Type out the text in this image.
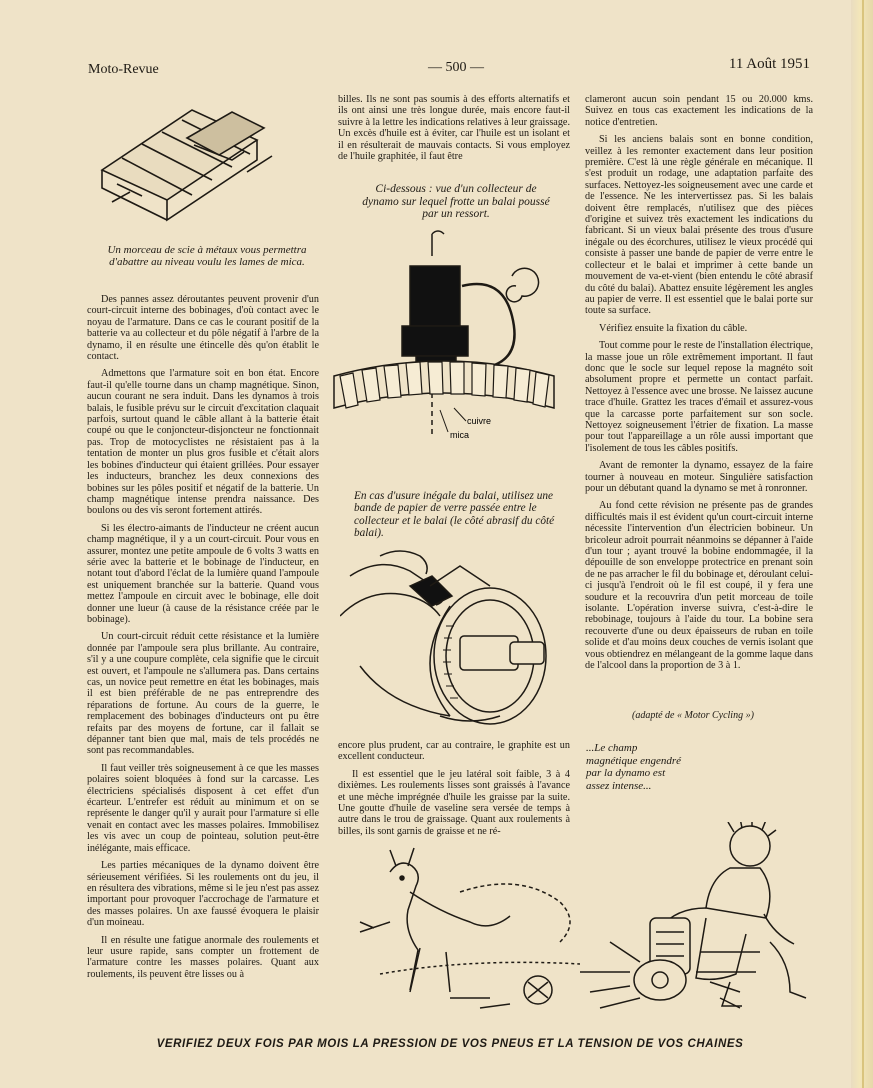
Moto-Revue	— 500 —	11 Août 1951
Un morceau de scie à métaux vous permettra d'abattre au niveau voulu les lames de mica.

Des pannes assez déroutantes peuvent provenir d'un court-circuit interne des bobinages, d'où contact avec le noyau de l'armature. Dans ce cas le courant positif de la batterie va au collecteur et du pôle négatif à l'arbre de la dynamo, il en résulte une étincelle dès qu'on établit le contact.

Admettons que l'armature soit en bon état. Encore faut-il qu'elle tourne dans un champ magnétique. Sinon, aucun courant ne sera induit. Dans les dynamos à trois balais, le fusible prévu sur le circuit d'excitation claquait parfois, surtout quand le câble allant à la batterie était coupé ou que le conjoncteur-disjoncteur ne fonctionnait pas. Trop de motocyclistes ne résistaient pas à la tentation de monter un plus gros fusible et c'était alors les bobines d'inducteur qui étaient grillées. Pour essayer les inducteurs, branchez les deux connexions des bobines sur les pôles positif et négatif de la batterie. Un champ magnétique intense prendra naissance. Des boulons ou des vis seront fortement attirés.

Si les électro-aimants de l'inducteur ne créent aucun champ magnétique, il y a un court-circuit. Pour vous en assurer, montez une petite ampoule de 6 volts 3 watts en série avec la batterie et le bobinage de l'inducteur, en notant tout d'abord l'éclat de la lumière quand l'ampoule est uniquement branchée sur la batterie. Quand vous mettez l'ampoule en circuit avec le bobinage, elle doit donner une lueur (à cause de la résistance créée par le bobinage).

Un court-circuit réduit cette résistance et la lumière donnée par l'ampoule sera plus brillante. Au contraire, s'il y a une coupure complète, cela signifie que le circuit est ouvert, et l'ampoule ne s'allumera pas. Dans certains cas, un novice peut remettre en état les bobinages, mais il est bien préférable de ne pas entreprendre des réparations de fortune. Au cours de la guerre, le remplacement des bobinages d'inducteurs ont pu être refaits par des moyens de fortune, car il fallait se dépanner tant bien que mal, mais de tels procédés ne sont pas recommandables.

Il faut veiller très soigneusement à ce que les masses polaires soient bloquées à fond sur la carcasse. Les électriciens spécialisés disposent à cet effet d'un écarteur. L'entrefer est réduit au minimum et on se représente le danger qu'il y aurait pour l'armature si elle venait en contact avec les masses polaires. Immobilisez les vis avec un coup de pointeau, solution peut-être inélégante, mais efficace.

Les parties mécaniques de la dynamo doivent être sérieusement vérifiées. Si les roulements ont du jeu, il en résultera des vibrations, même si le jeu n'est pas assez important pour provoquer l'accrochage de l'armature et des masses polaires. Un axe faussé évoquera le plaisir d'un moineau.

Il en résulte une fatigue anormale des roulements et leur usure rapide, sans compter un frottement de l'armature contre les masses polaires. Quant aux roulements, ils peuvent être lisses ou à

billes. Ils ne sont pas soumis à des efforts alternatifs et ils ont ainsi une très longue durée, mais encore faut-il suivre à la lettre les indications relatives à leur graissage. Un excès d'huile est à éviter, car l'huile est un isolant et il en résulterait de mauvais contacts. Si vous employez de l'huile graphitée, il faut être

Ci-dessous : vue d'un collecteur de dynamo sur lequel frotte un balai poussé par un ressort.
cuivre
mica
En cas d'usure inégale du balai, utilisez une bande de papier de verre passée entre le collecteur et le balai (le côté abrasif du côté balai).

encore plus prudent, car au contraire, le graphite est un excellent conducteur.

Il est essentiel que le jeu latéral soit faible, 3 à 4 dixièmes. Les roulements lisses sont graissés à l'avance et une mèche imprégnée d'huile les graisse par la suite. Une goutte d'huile de vaseline sera versée de temps à autre dans le trou de graissage. Quant aux roulements à billes, ils sont garnis de graisse et ne ré-

clameront aucun soin pendant 15 ou 20.000 kms. Suivez en tous cas exactement les indications de la notice d'entretien.

Si les anciens balais sont en bonne condition, veillez à les remonter exactement dans leur position première. C'est là une règle générale en mécanique. Il s'est produit un rodage, une adaptation parfaite des surfaces. Nettoyez-les soigneusement avec une carde et de l'essence. Ne les intervertissez pas. Si les balais doivent être remplacés, n'utilisez que des pièces d'origine et suivez très exactement les indications du fabricant. Si un vieux balai présente des trous d'usure inégale ou des écorchures, utilisez le vieux procédé qui consiste à passer une bande de papier de verre entre le collecteur et le balai et imprimer à cette bande un mouvement de va-et-vient (bien entendu le côté abrasif du côté du balai). Abattez ensuite légèrement les angles au papier de verre. Il est essentiel que le balai porte sur toute sa surface.

Vérifiez ensuite la fixation du câble.

Tout comme pour le reste de l'installation électrique, la masse joue un rôle extrêmement important. Il faut donc que le socle sur lequel repose la magnéto soit absolument propre et permette un contact parfait. Nettoyez à l'essence avec une brosse. Ne laissez aucune trace d'huile. Grattez les traces d'émail et assurez-vous que la carcasse porte parfaitement sur son socle. Nettoyez soigneusement l'étrier de fixation. La masse pour tout l'appareillage a un rôle aussi important que l'isolement de tous les câbles positifs.

Avant de remonter la dynamo, essayez de la faire tourner à nouveau en moteur. Singulière satisfaction pour un débutant quand la dynamo se met à ronronner.

Au fond cette révision ne présente pas de grandes difficultés mais il est évident qu'un court-circuit interne nécessite l'intervention d'un électricien bobineur. Un bricoleur adroit pourrait néanmoins se dépanner à l'aide d'un tour ; ayant trouvé la bobine endommagée, il la dépouille de son enveloppe protectrice en prenant soin de ne pas arracher le fil du bobinage et, déroulant celui-ci jusqu'à l'endroit où le fil est coupé, il y fera une soudure et la recouvrira d'un petit morceau de toile isolante. L'opération inverse suivra, c'est-à-dire le rebobinage, toujours à l'aide du tour. La bobine sera recouverte d'une ou deux épaisseurs de ruban en toile solide et d'au moins deux couches de vernis isolant que vous obtiendrez en mélangeant de la gomme laque dans de l'alcool dans la proportion de 3 à 1.

(adapté de « Motor Cycling »)
...Le champ magnétique engendré par la dynamo est assez intense...
VERIFIEZ DEUX FOIS PAR MOIS LA PRESSION DE VOS PNEUS ET LA TENSION DE VOS CHAINES
